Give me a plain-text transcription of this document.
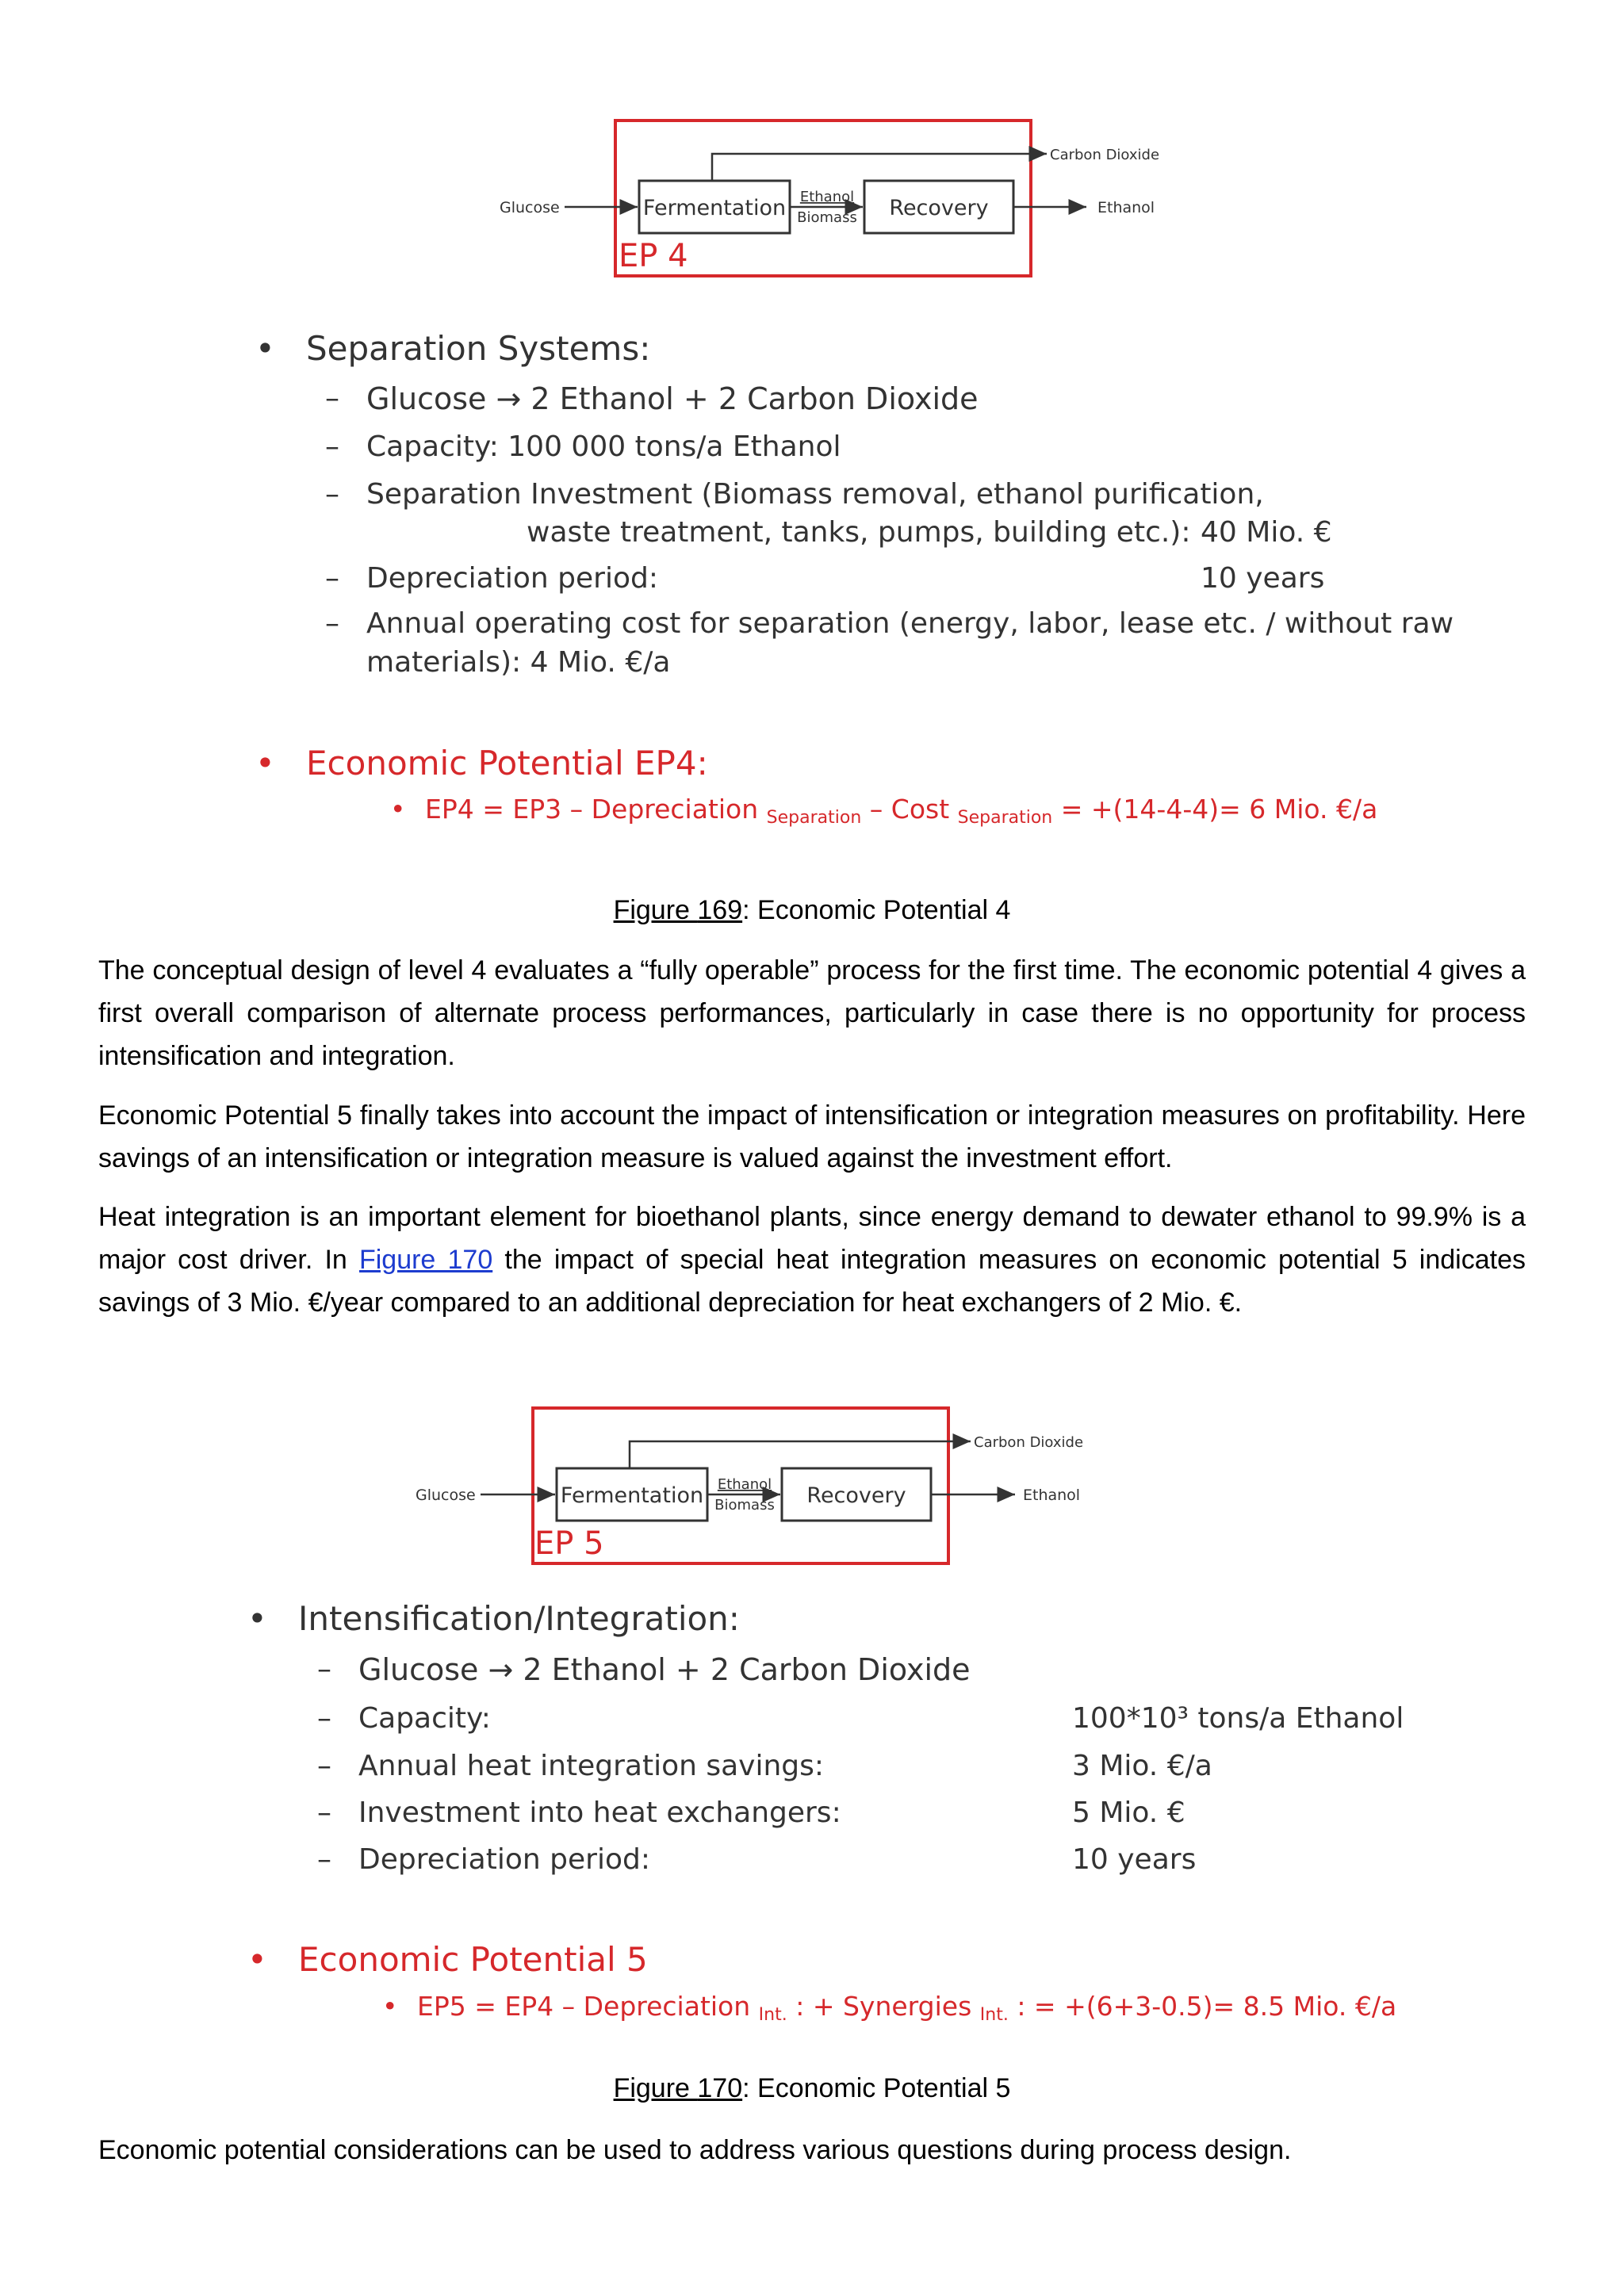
Glucose	Fermentation Ethanol
Biomass Recovery
Carbon Dioxide
Ethanol
EP 4
• Separation Systems:
– Glucose → 2 Ethanol + 2 Carbon Dioxide
– Capacity: 100 000 tons/a Ethanol
– Separation Investment (Biomass removal, ethanol purification,
waste treatment, tanks, pumps, building etc.): 40 Mio. €
– Depreciation period:	10 years
– Annual operating cost for separation (energy, labor, lease etc. / without raw
materials): 4 Mio. €/a
• Economic Potential EP4:
• EP4 = EP3 – Depreciation $_{Separation}$ – Cost $_{Separation}$ = +(14-4-4)= 6 Mio. €/a
Figure 169: Economic Potential 4
The conceptual design of level 4 evaluates a “fully operable” process for the first time. The economic potential 4 gives a first overall comparison of alternate process performances, particularly in case there is no opportunity for process intensification and integration.
Economic Potential 5 finally takes into account the impact of intensification or integration measures on profitability. Here savings of an intensification or integration measure is valued against the investment effort.
Heat integration is an important element for bioethanol plants, since energy demand to dewater ethanol to 99.9% is a major cost driver. In Figure 170 the impact of special heat integration measures on economic potential 5 indicates savings of 3 Mio. €/year compared to an additional depreciation for heat exchangers of 2 Mio. €.
Glucose	Fermentation Ethanol
Biomass Recovery
Carbon Dioxide
Ethanol
EP 5
• Intensification/Integration:
– Glucose → 2 Ethanol + 2 Carbon Dioxide
– Capacity:	100*10³ tons/a Ethanol
– Annual heat integration savings:	3 Mio. €/a
– Investment into heat exchangers:	5 Mio. €
– Depreciation period:	10 years
• Economic Potential 5
• EP5 = EP4 – Depreciation $_{Int.}$ : + Synergies $_{Int.}$ : = +(6+3-0.5)= 8.5 Mio. €/a
Figure 170: Economic Potential 5
Economic potential considerations can be used to address various questions during process design.
